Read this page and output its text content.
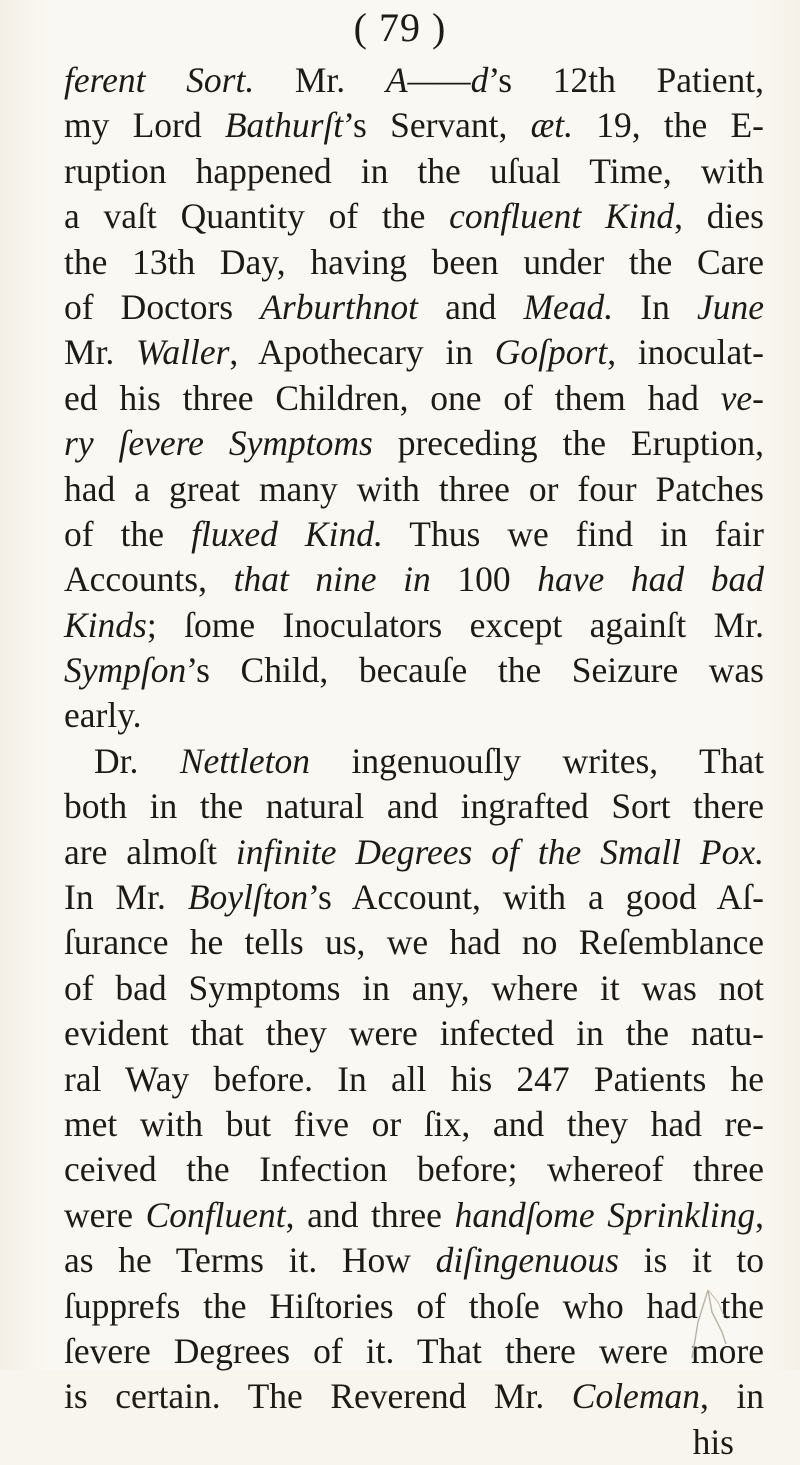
( 79 )
ferent Sort. Mr. A——d’s 12th Patient,
my Lord Bathurſt’s Servant, æt. 19, the E-
ruption happened in the uſual Time, with
a vaſt Quantity of the confluent Kind, dies
the 13th Day, having been under the Care
of Doctors Arburthnot and Mead. In June
Mr. Waller, Apothecary in Goſport, inoculat-
ed his three Children, one of them had ve-
ry ſevere Symptoms preceding the Eruption,
had a great many with three or four Patches
of the fluxed Kind. Thus we find in fair
Accounts, that nine in 100 have had bad
Kinds; ſome Inoculators except againſt Mr.
Sympſon’s Child, becauſe the Seizure was
early.
Dr. Nettleton ingenuouſly writes, That
both in the natural and ingrafted Sort there
are almoſt infinite Degrees of the Small Pox.
In Mr. Boylſton’s Account, with a good Aſ-
ſurance he tells us, we had no Reſemblance
of bad Symptoms in any, where it was not
evident that they were infected in the natu-
ral Way before. In all his 247 Patients he
met with but five or ſix, and they had re-
ceived the Infection before; whereof three
were Confluent, and three handſome Sprinkling,
as he Terms it. How diſingenuous is it to
ſupprefs the Hiſtories of thoſe who had the
ſevere Degrees of it. That there were more
is certain. The Reverend Mr. Coleman, in
his
